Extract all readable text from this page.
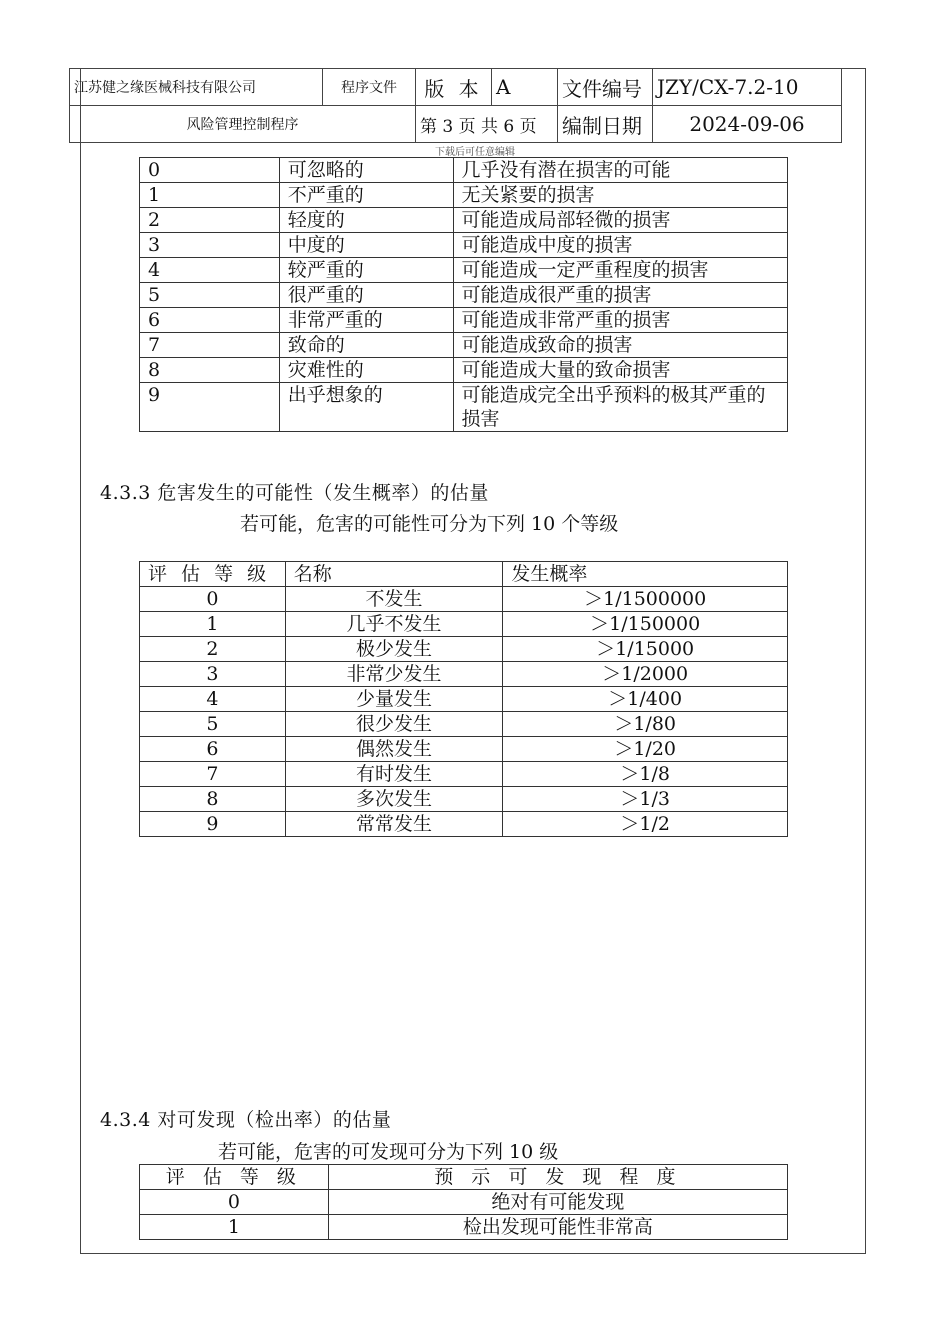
江苏健之缘医械科技有限公司	程序文件	版 本	A	文件编号	JZY/CX-7.2-10
风险管理控制程序		第 3 页 共 6 页		编制日期	2024-09-06
下载后可任意编辑
0	可忽略的	几乎没有潜在损害的可能
1	不严重的	无关紧要的损害
2	轻度的	可能造成局部轻微的损害
3	中度的	可能造成中度的损害
4	较严重的	可能造成一定严重程度的损害
5	很严重的	可能造成很严重的损害
6	非常严重的	可能造成非常严重的损害
7	致命的	可能造成致命的损害
8	灾难性的	可能造成大量的致命损害
9	出乎想象的	可能造成完全出乎预料的极其严重的损害
4.3.3 危害发生的可能性（发生概率）的估量
若可能，危害的可能性可分为下列 10 个等级
评 估 等 级	名称	发生概率
0	不发生	＞1/1500000
1	几乎不发生	＞1/150000
2	极少发生	＞1/15000
3	非常少发生	＞1/2000
4	少量发生	＞1/400
5	很少发生	＞1/80
6	偶然发生	＞1/20
7	有时发生	＞1/8
8	多次发生	＞1/3
9	常常发生	＞1/2
4.3.4 对可发现（检出率）的估量
若可能，危害的可发现可分为下列 10 级
评 估 等 级	预 示 可 发 现 程 度
0	绝对有可能发现
1	检出发现可能性非常高
